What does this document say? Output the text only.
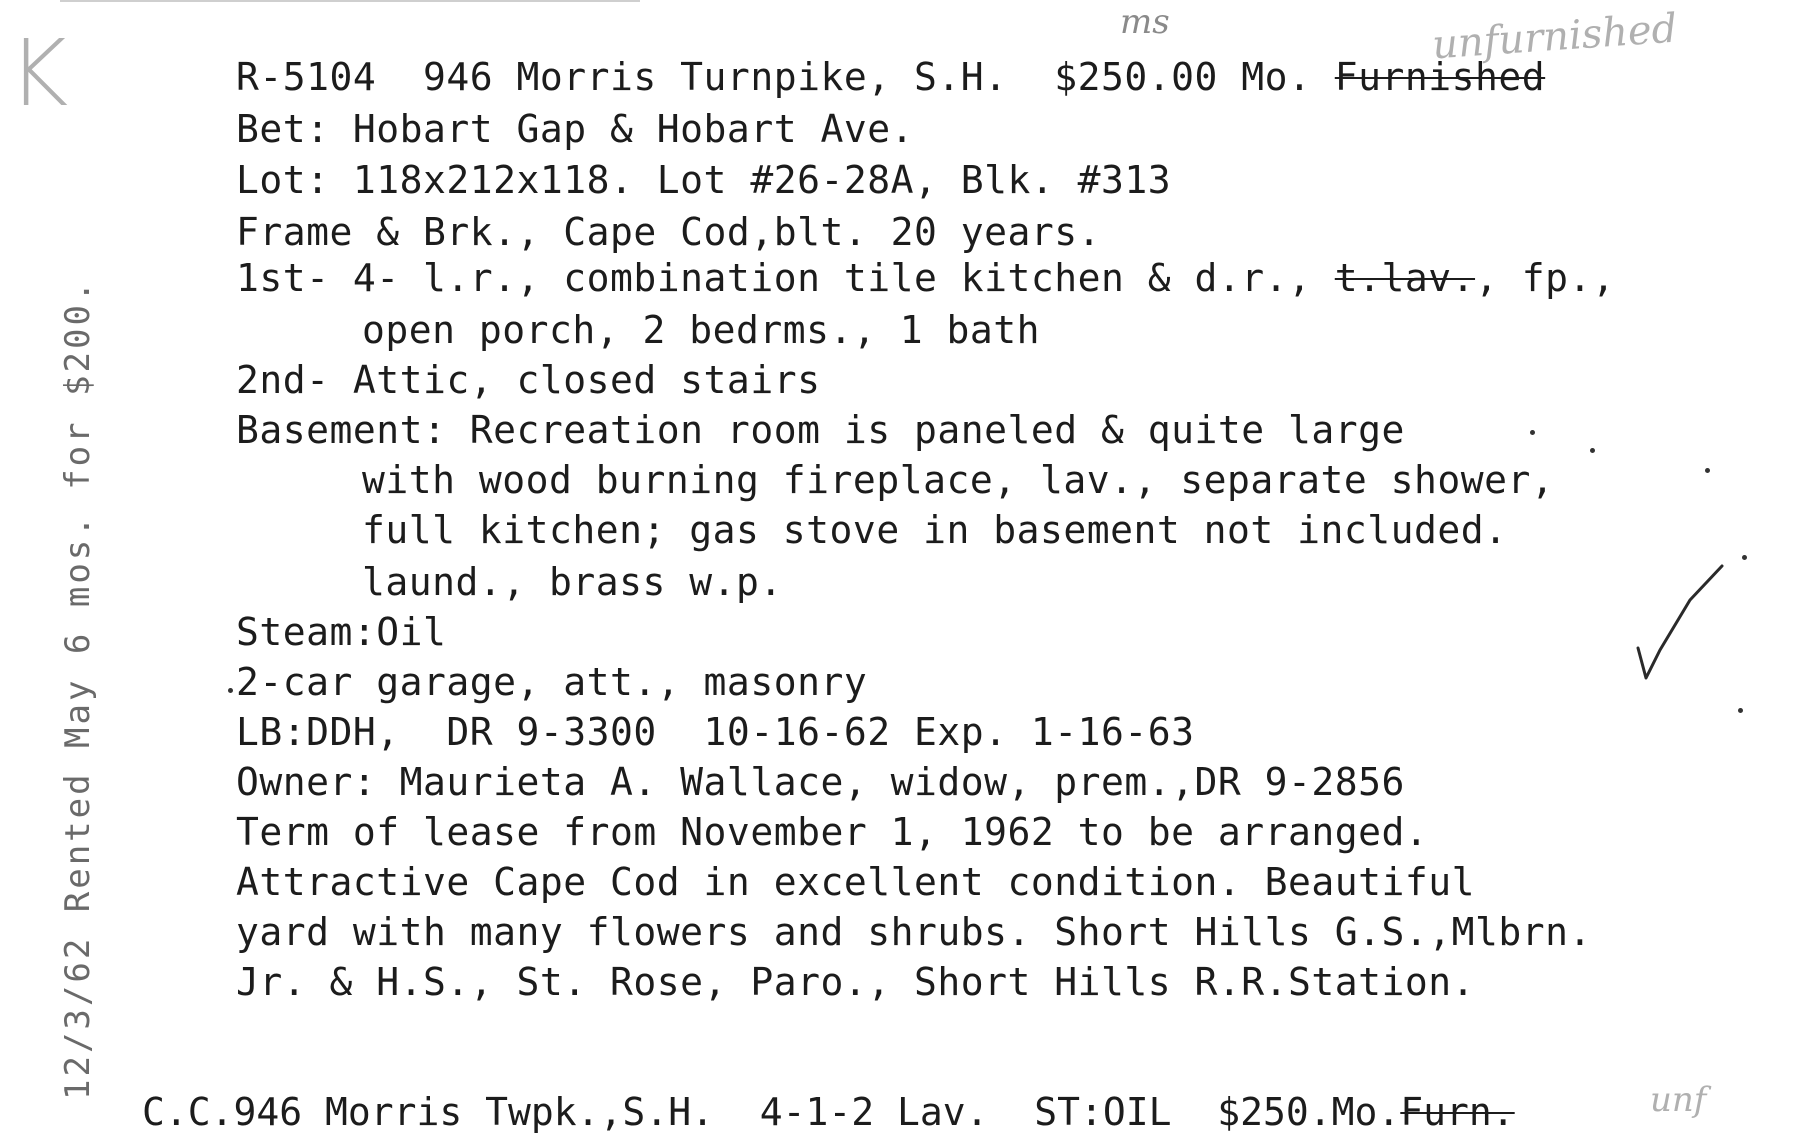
K
12/3/62 Rented May 6 mos. for $200.
ms	unfurnished
unf
R-5104  946 Morris Turnpike, S.H.  $250.00 Mo. Furnished
Bet: Hobart Gap & Hobart Ave.
Lot: 118x212x118. Lot #26-28A, Blk. #313
Frame & Brk., Cape Cod,blt. 20 years.
1st- 4- l.r., combination tile kitchen & d.r., t.lav., fp.,
open porch, 2 bedrms., 1 bath
2nd- Attic, closed stairs
Basement: Recreation room is paneled & quite large
with wood burning fireplace, lav., separate shower,
full kitchen; gas stove in basement not included.
laund., brass w.p.
Steam:Oil
2-car garage, att., masonry
LB:DDH,  DR 9-3300  10-16-62 Exp. 1-16-63
Owner: Maurieta A. Wallace, widow, prem.,DR 9-2856
Term of lease from November 1, 1962 to be arranged.
Attractive Cape Cod in excellent condition. Beautiful
yard with many flowers and shrubs. Short Hills G.S.,Mlbrn.
Jr. & H.S., St. Rose, Paro., Short Hills R.R.Station.
C.C.946 Morris Twpk.,S.H.  4-1-2 Lav.  ST:OIL  $250.Mo.Furn.
